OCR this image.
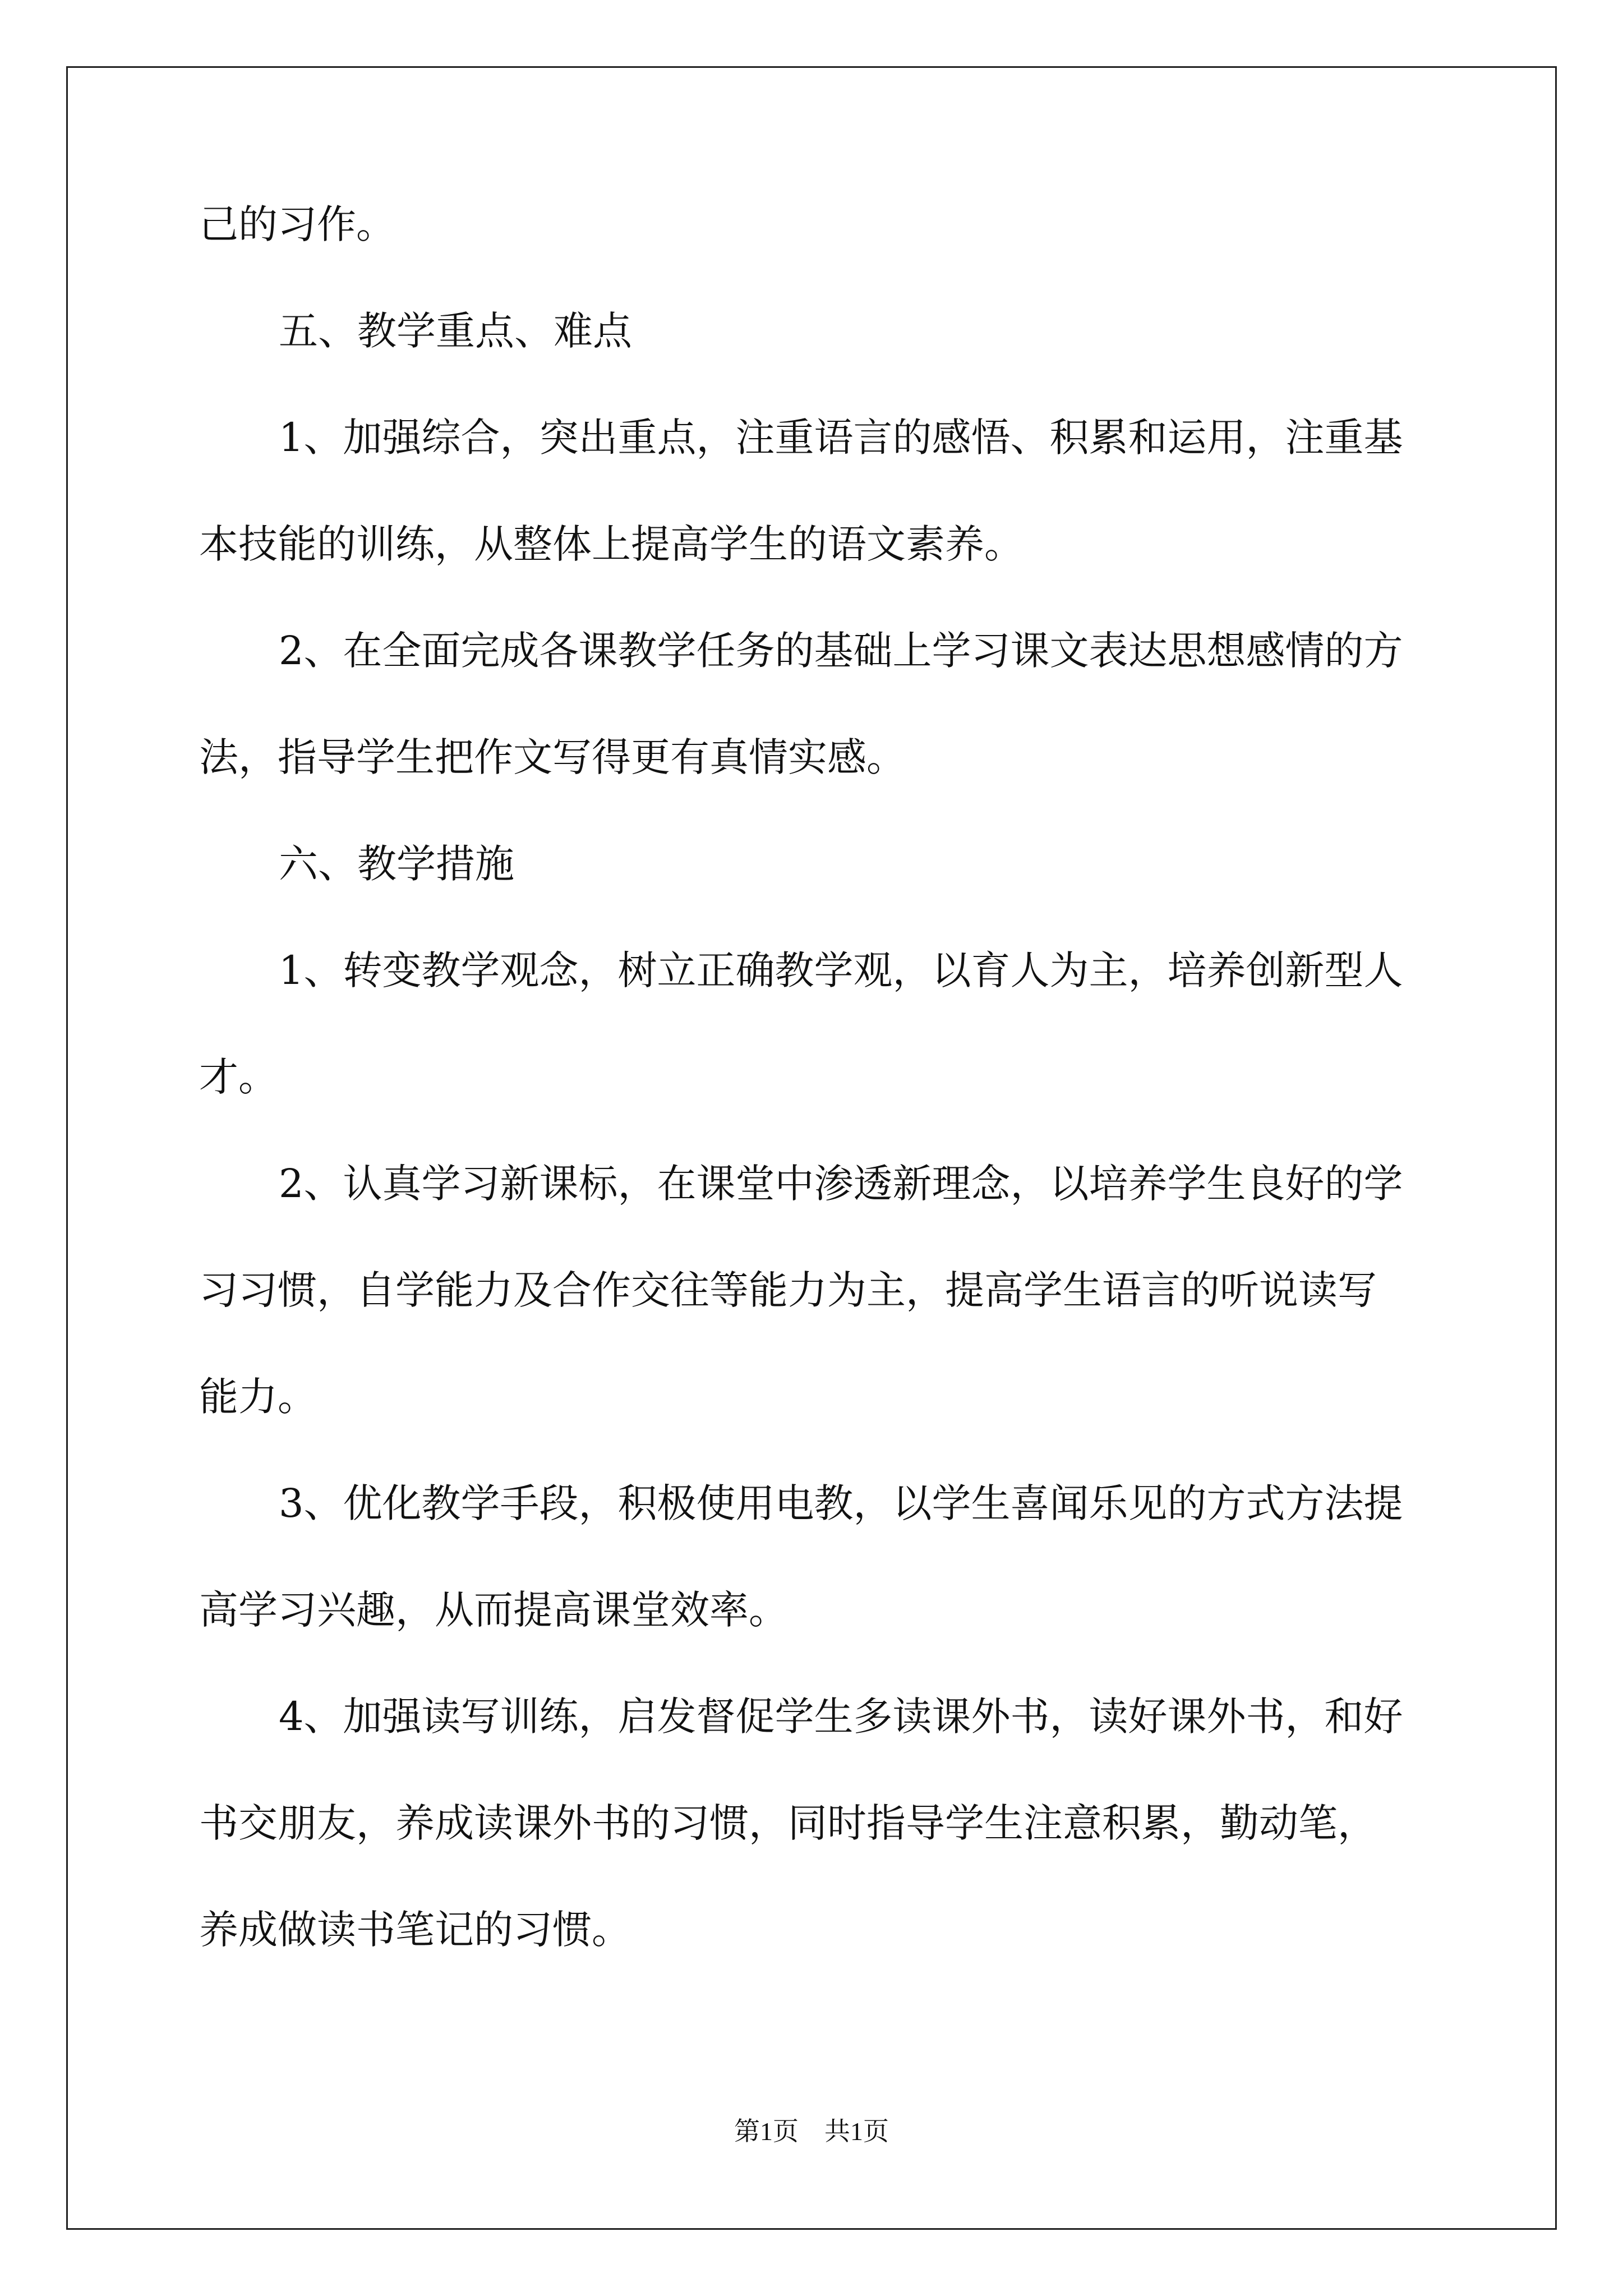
己的习作。
五、教学重点、难点
1、加强综合，突出重点，注重语言的感悟、积累和运用，注重基
本技能的训练，从整体上提高学生的语文素养。
2、在全面完成各课教学任务的基础上学习课文表达思想感情的方
法，指导学生把作文写得更有真情实感。
六、教学措施
1、转变教学观念，树立正确教学观，以育人为主，培养创新型人
才。
2、认真学习新课标，在课堂中渗透新理念，以培养学生良好的学
习习惯，自学能力及合作交往等能力为主，提高学生语言的听说读写
能力。
3、优化教学手段，积极使用电教，以学生喜闻乐见的方式方法提
高学习兴趣，从而提高课堂效率。
4、加强读写训练，启发督促学生多读课外书，读好课外书，和好
书交朋友，养成读课外书的习惯，同时指导学生注意积累，勤动笔，
养成做读书笔记的习惯。
第1页　共1页
